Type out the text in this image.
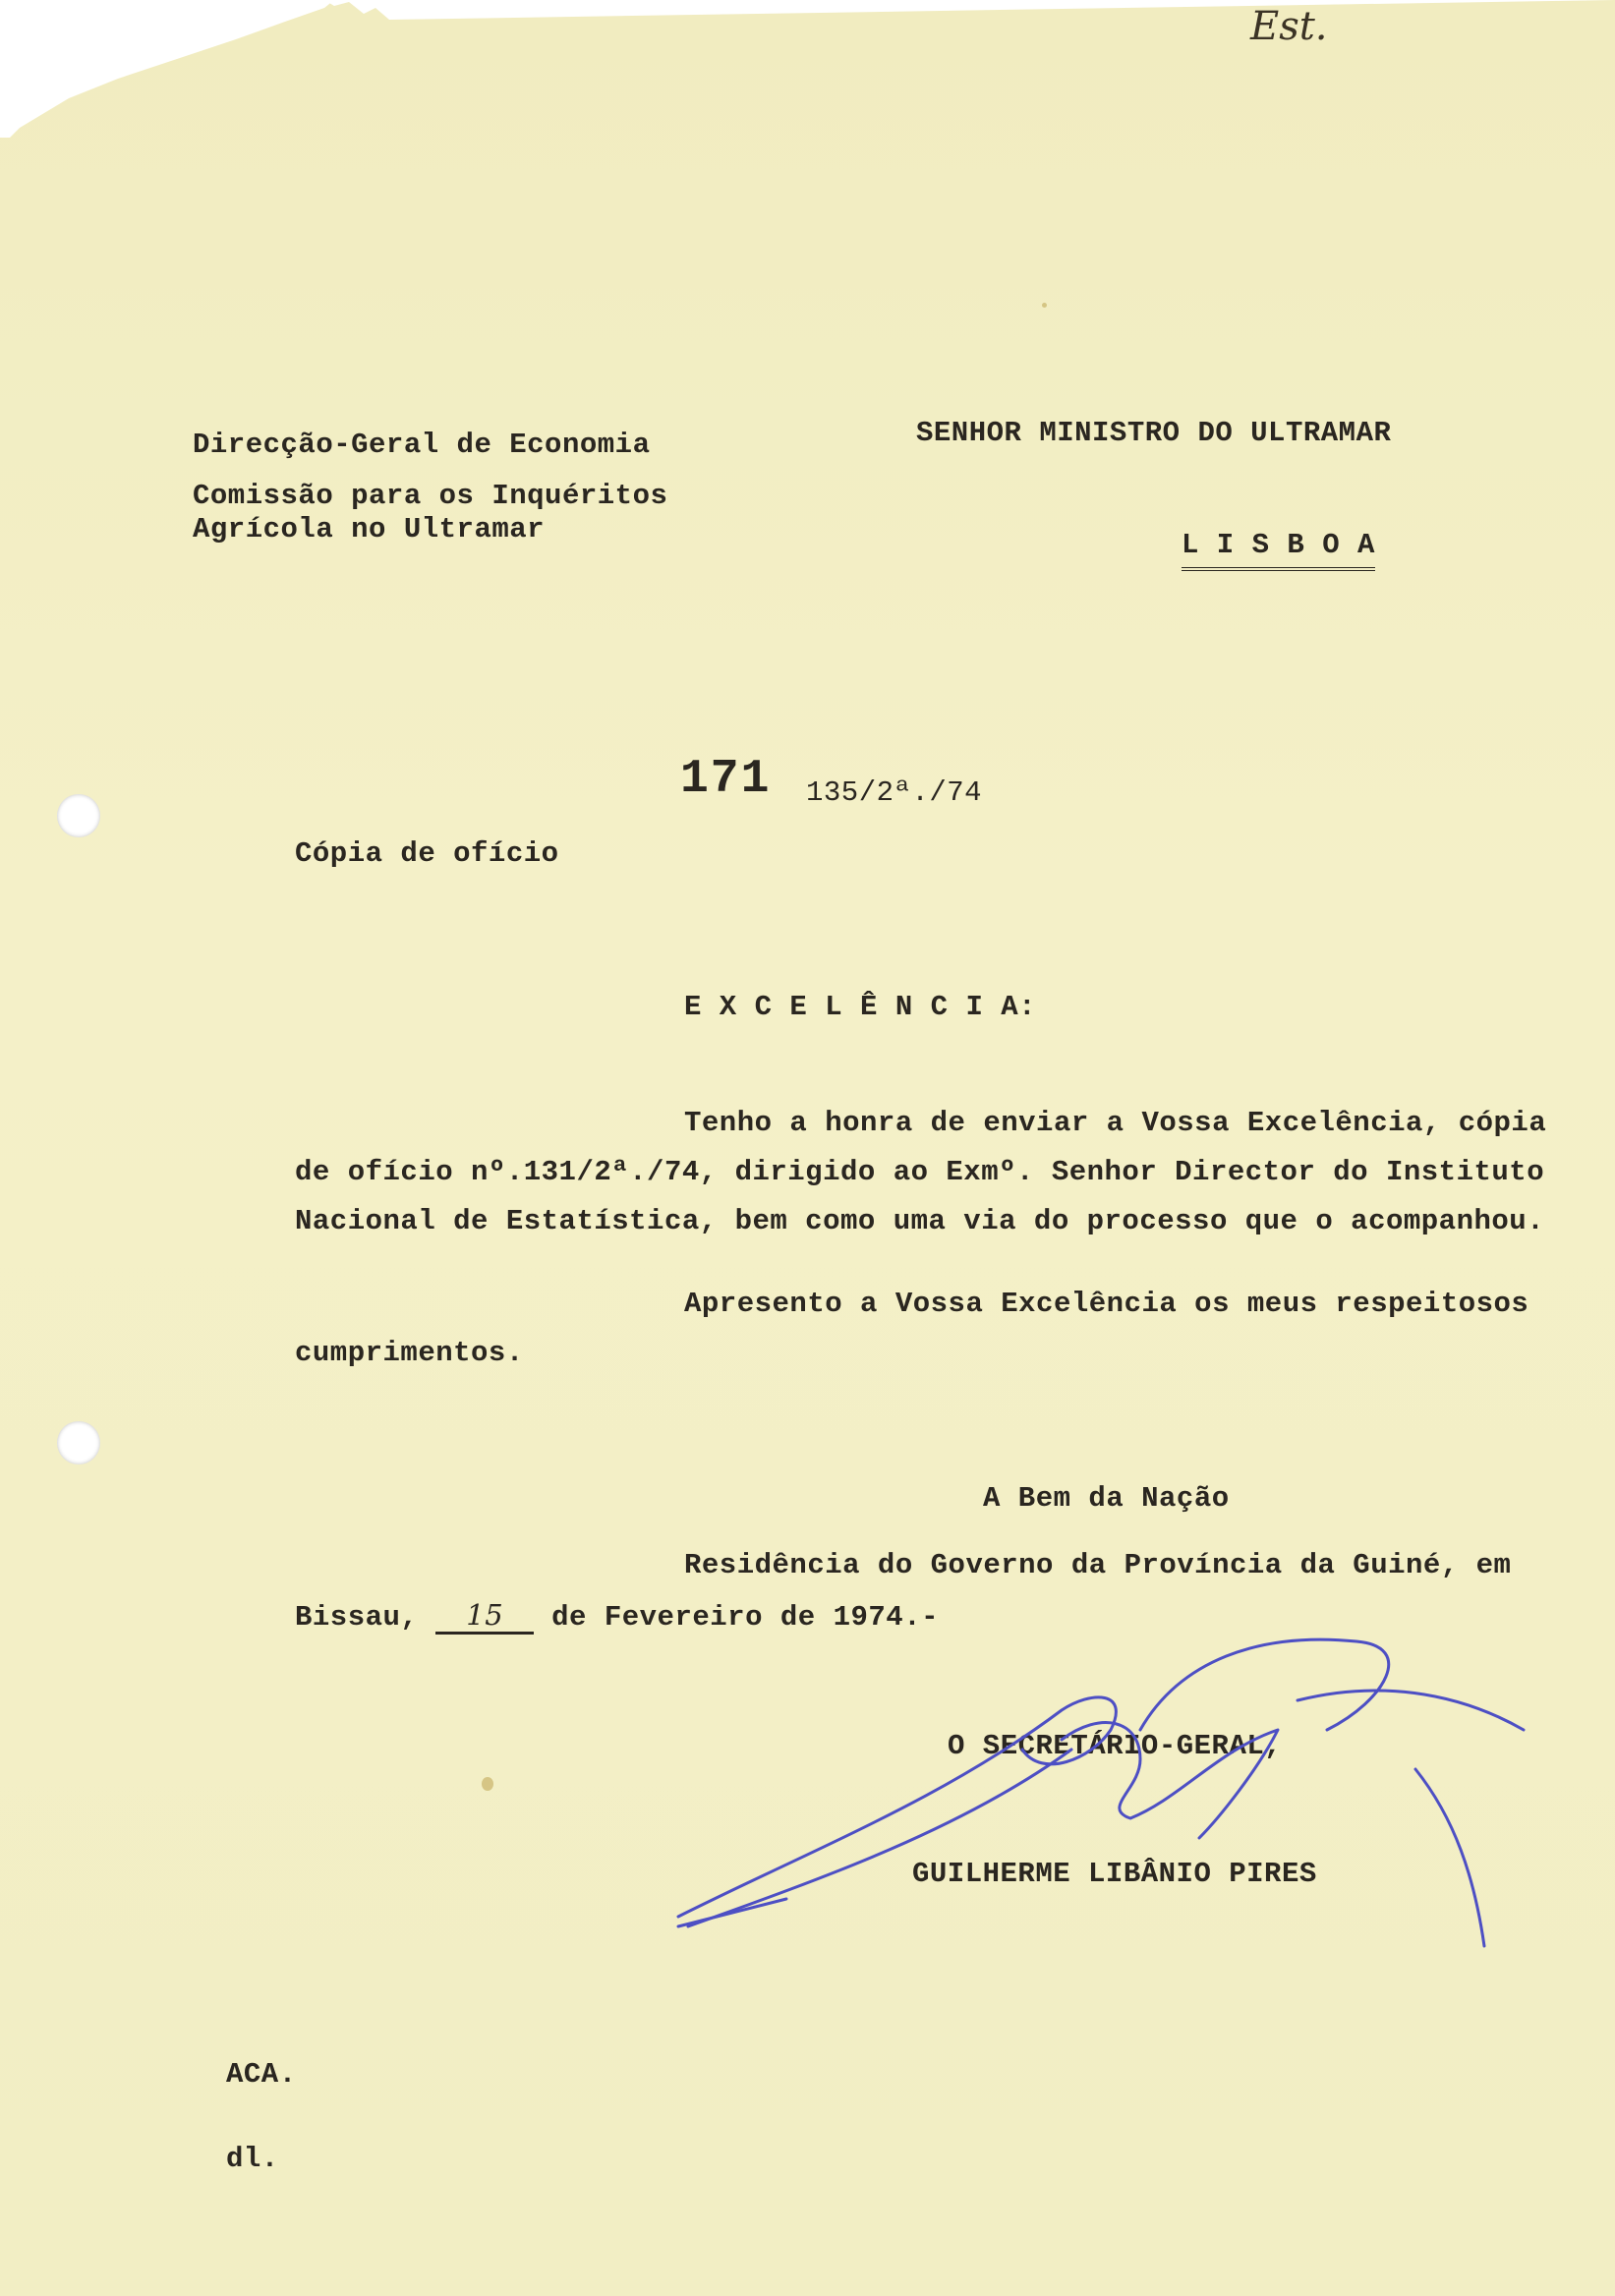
Est.
Direcção-Geral de Economia
Comissão para os Inquéritos
Agrícola no Ultramar
SENHOR MINISTRO DO ULTRAMAR
L I S B O A
171 135/2ª./74
Cópia de ofício
E X C E L Ê N C I A:
Tenho a honra de enviar a Vossa Excelência, cópia
de ofício nº.131/2ª./74, dirigido ao Exmº. Senhor Director do Instituto
Nacional de Estatística, bem como uma via do processo que o acompanhou.
Apresento a Vossa Excelência os meus respeitosos
cumprimentos.
A Bem da Nação
Residência do Governo da Província da Guiné, em
Bissau, 15 de Fevereiro de 1974.-
O SECRETÁRIO-GERAL,
GUILHERME LIBÂNIO PIRES
ACA.
dl.
